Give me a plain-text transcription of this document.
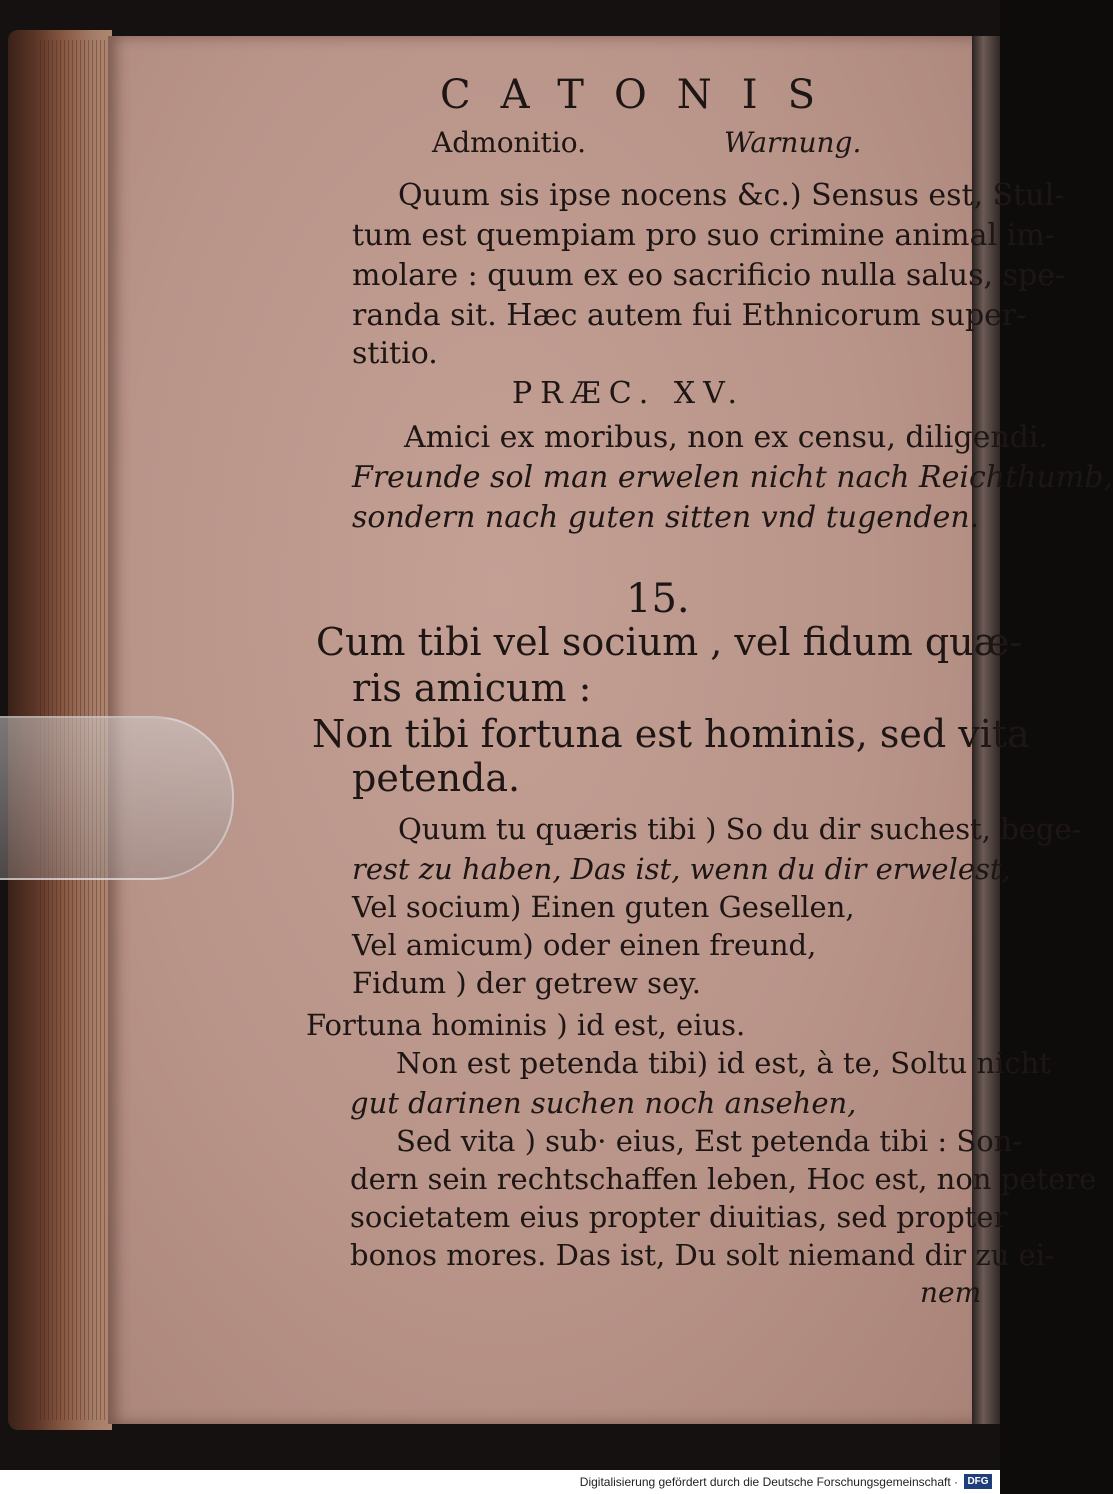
CATONIS
Admonitio.	Warnung.
Quum sis ipse nocens &c.) Sensus est, Stul-
tum est quempiam pro suo crimine animal im-
molare : quum ex eo sacrificio nulla salus, spe-
randa sit. Hæc autem fui Ethnicorum super-
stitio.
PRÆC. XV.
Amici ex moribus, non ex censu, diligendi.
Freunde sol man erwelen nicht nach Reichthumb,
sondern nach guten sitten vnd tugenden.
15.
Cum tibi vel socium , vel fidum quæ-
ris amicum :
Non tibi fortuna est hominis, sed vita
petenda.
Quum tu quæris tibi ) So du dir suchest, bege-
rest zu haben, Das ist, wenn du dir erwelest,
Vel socium) Einen guten Gesellen,
Vel amicum) oder einen freund,
Fidum ) der getrew sey.
Fortuna hominis ) id est, eius.
Non est petenda tibi) id est, à te, Soltu nicht
gut darinen suchen noch ansehen,
Sed vita ) sub· eius, Est petenda tibi : Son-
dern sein rechtschaffen leben, Hoc est, non petere
societatem eius propter diuitias, sed propter
bonos mores. Das ist, Du solt niemand dir zu ei-
nem
Digitalisierung gefördert durch die Deutsche Forschungsgemeinschaft · DFG
